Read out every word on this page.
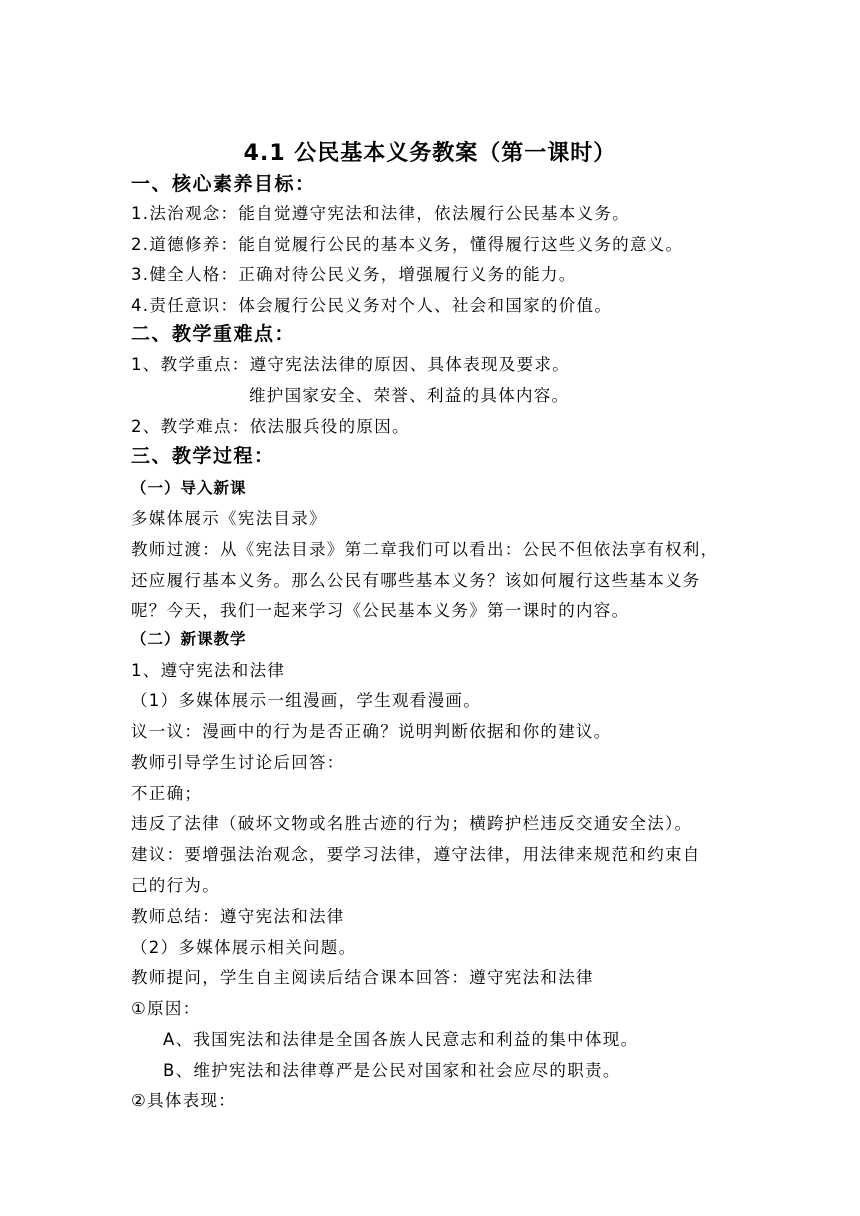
4.1 公民基本义务教案（第一课时）
一、核心素养目标：
1.法治观念：能自觉遵守宪法和法律，依法履行公民基本义务。
2.道德修养：能自觉履行公民的基本义务，懂得履行这些义务的意义。
3.健全人格：正确对待公民义务，增强履行义务的能力。
4.责任意识：体会履行公民义务对个人、社会和国家的价值。
二、教学重难点：
1、教学重点：遵守宪法法律的原因、具体表现及要求。
维护国家安全、荣誉、利益的具体内容。
2、教学难点：依法服兵役的原因。
三、教学过程：
（一）导入新课
多媒体展示《宪法目录》
教师过渡：从《宪法目录》第二章我们可以看出：公民不但依法享有权利，
还应履行基本义务。那么公民有哪些基本义务？该如何履行这些基本义务
呢？今天，我们一起来学习《公民基本义务》第一课时的内容。
（二）新课教学
1、遵守宪法和法律
（1）多媒体展示一组漫画，学生观看漫画。
议一议：漫画中的行为是否正确？说明判断依据和你的建议。
教师引导学生讨论后回答：
不正确；
违反了法律（破坏文物或名胜古迹的行为；横跨护栏违反交通安全法）。
建议：要增强法治观念，要学习法律，遵守法律，用法律来规范和约束自
己的行为。
教师总结：遵守宪法和法律
（2）多媒体展示相关问题。
教师提问，学生自主阅读后结合课本回答：遵守宪法和法律
①原因：
A、我国宪法和法律是全国各族人民意志和利益的集中体现。
B、维护宪法和法律尊严是公民对国家和社会应尽的职责。
②具体表现：
